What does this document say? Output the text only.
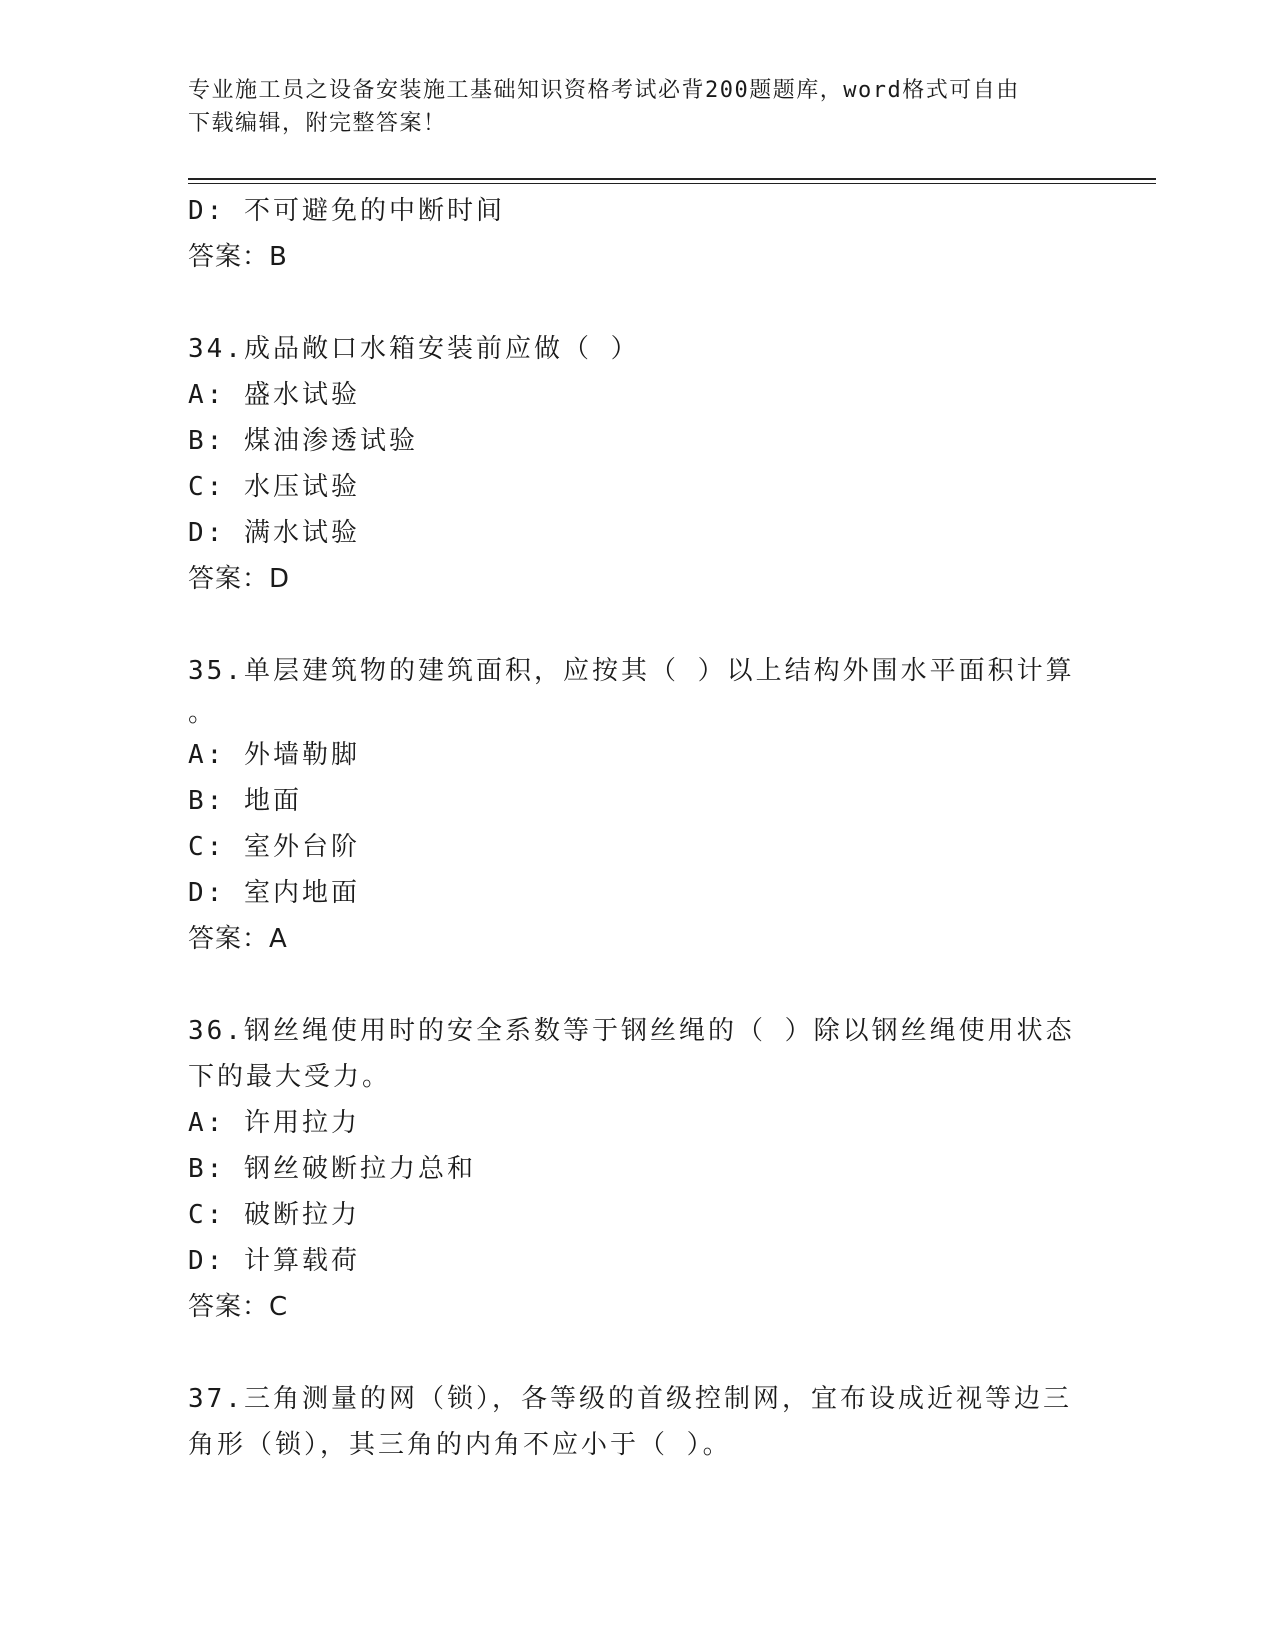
专业施工员之设备安装施工基础知识资格考试必背200题题库，word格式可自由
下载编辑，附完整答案！
D: 不可避免的中断时间
答案：B
34.成品敞口水箱安装前应做（ ）
A: 盛水试验
B: 煤油渗透试验
C: 水压试验
D: 满水试验
答案：D
35.单层建筑物的建筑面积，应按其（ ）以上结构外围水平面积计算
。
A: 外墙勒脚
B: 地面
C: 室外台阶
D: 室内地面
答案：A
36.钢丝绳使用时的安全系数等于钢丝绳的（ ）除以钢丝绳使用状态
下的最大受力。
A: 许用拉力
B: 钢丝破断拉力总和
C: 破断拉力
D: 计算载荷
答案：C
37.三角测量的网（锁），各等级的首级控制网，宜布设成近视等边三
角形（锁），其三角的内角不应小于（ ）。
